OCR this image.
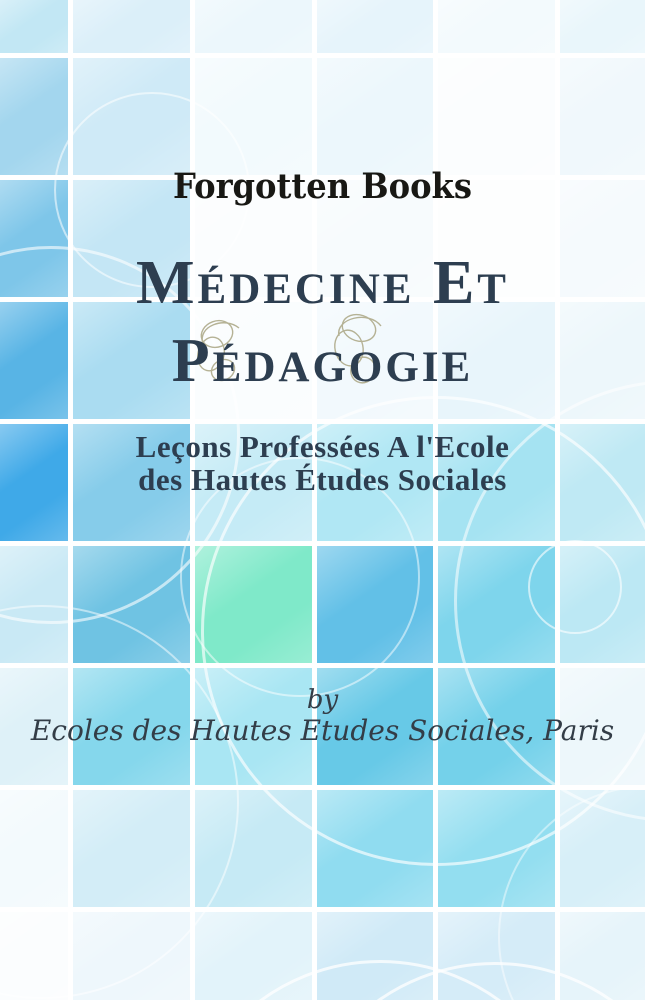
Forgotten Books
Médecine Et
Pédagogie
Leçons Professées A l'Ecole
des Hautes Études Sociales
by
Ecoles des Hautes Etudes Sociales, Paris
